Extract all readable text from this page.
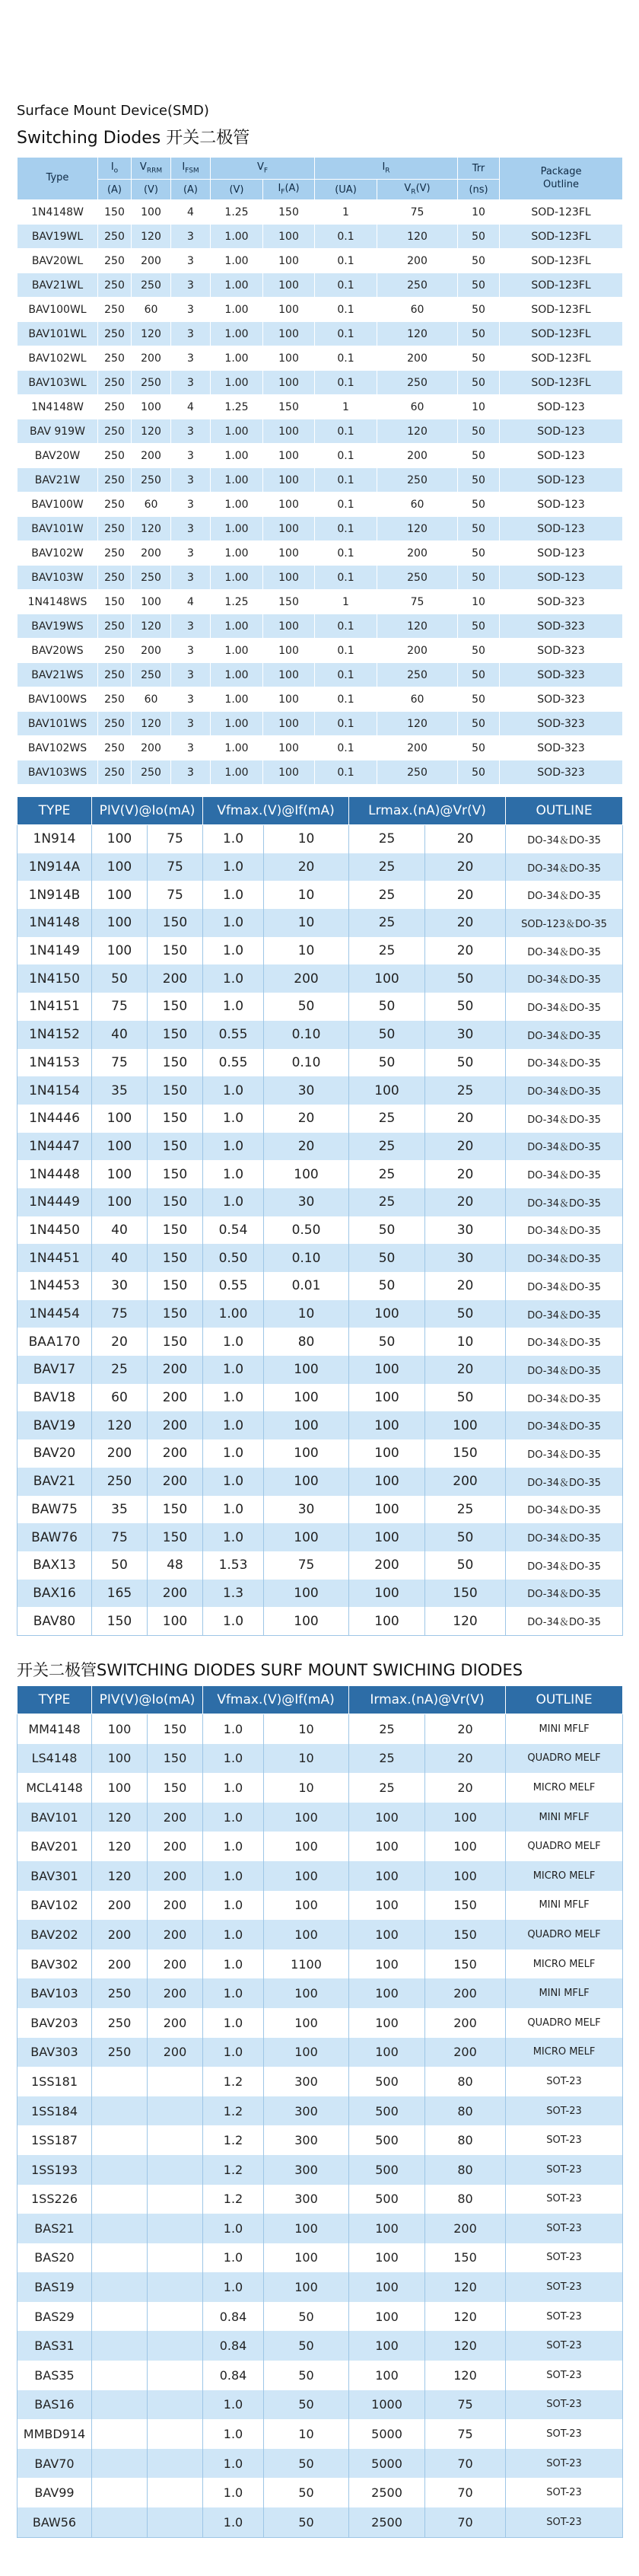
Surface Mount Device(SMD)
Switching Diodes 开关二极管
Type	$I_o$	$V_{RRM}$	$I_{FSM}$	$V_F$		$I_R$		Trr	Package
Outline
	(A)	(V)	(A)	(V)	$I_F(A)$	(UA)	$V_R(V)$	(ns)	
1N4148W	150	100	4	1.25	150	1	75	10	SOD-123FL
BAV19WL	250	120	3	1.00	100	0.1	120	50	SOD-123FL
BAV20WL	250	200	3	1.00	100	0.1	200	50	SOD-123FL
BAV21WL	250	250	3	1.00	100	0.1	250	50	SOD-123FL
BAV100WL	250	60	3	1.00	100	0.1	60	50	SOD-123FL
BAV101WL	250	120	3	1.00	100	0.1	120	50	SOD-123FL
BAV102WL	250	200	3	1.00	100	0.1	200	50	SOD-123FL
BAV103WL	250	250	3	1.00	100	0.1	250	50	SOD-123FL
1N4148W	250	100	4	1.25	150	1	60	10	SOD-123
BAV 919W	250	120	3	1.00	100	0.1	120	50	SOD-123
BAV20W	250	200	3	1.00	100	0.1	200	50	SOD-123
BAV21W	250	250	3	1.00	100	0.1	250	50	SOD-123
BAV100W	250	60	3	1.00	100	0.1	60	50	SOD-123
BAV101W	250	120	3	1.00	100	0.1	120	50	SOD-123
BAV102W	250	200	3	1.00	100	0.1	200	50	SOD-123
BAV103W	250	250	3	1.00	100	0.1	250	50	SOD-123
1N4148WS	150	100	4	1.25	150	1	75	10	SOD-323
BAV19WS	250	120	3	1.00	100	0.1	120	50	SOD-323
BAV20WS	250	200	3	1.00	100	0.1	200	50	SOD-323
BAV21WS	250	250	3	1.00	100	0.1	250	50	SOD-323
BAV100WS	250	60	3	1.00	100	0.1	60	50	SOD-323
BAV101WS	250	120	3	1.00	100	0.1	120	50	SOD-323
BAV102WS	250	200	3	1.00	100	0.1	200	50	SOD-323
BAV103WS	250	250	3	1.00	100	0.1	250	50	SOD-323
TYPE	PIV(V)@Io(mA)		Vfmax.(V)@If(mA)		Lrmax.(nA)@Vr(V)		OUTLINE
1N914	100	75	1.0	10	25	20	DO-34＆DO-35
1N914A	100	75	1.0	20	25	20	DO-34＆DO-35
1N914B	100	75	1.0	10	25	20	DO-34＆DO-35
1N4148	100	150	1.0	10	25	20	SOD-123＆DO-35
1N4149	100	150	1.0	10	25	20	DO-34＆DO-35
1N4150	50	200	1.0	200	100	50	DO-34＆DO-35
1N4151	75	150	1.0	50	50	50	DO-34＆DO-35
1N4152	40	150	0.55	0.10	50	30	DO-34＆DO-35
1N4153	75	150	0.55	0.10	50	50	DO-34＆DO-35
1N4154	35	150	1.0	30	100	25	DO-34＆DO-35
1N4446	100	150	1.0	20	25	20	DO-34＆DO-35
1N4447	100	150	1.0	20	25	20	DO-34＆DO-35
1N4448	100	150	1.0	100	25	20	DO-34＆DO-35
1N4449	100	150	1.0	30	25	20	DO-34＆DO-35
1N4450	40	150	0.54	0.50	50	30	DO-34＆DO-35
1N4451	40	150	0.50	0.10	50	30	DO-34＆DO-35
1N4453	30	150	0.55	0.01	50	20	DO-34＆DO-35
1N4454	75	150	1.00	10	100	50	DO-34＆DO-35
BAA170	20	150	1.0	80	50	10	DO-34＆DO-35
BAV17	25	200	1.0	100	100	20	DO-34＆DO-35
BAV18	60	200	1.0	100	100	50	DO-34＆DO-35
BAV19	120	200	1.0	100	100	100	DO-34＆DO-35
BAV20	200	200	1.0	100	100	150	DO-34＆DO-35
BAV21	250	200	1.0	100	100	200	DO-34＆DO-35
BAW75	35	150	1.0	30	100	25	DO-34＆DO-35
BAW76	75	150	1.0	100	100	50	DO-34＆DO-35
BAX13	50	48	1.53	75	200	50	DO-34＆DO-35
BAX16	165	200	1.3	100	100	150	DO-34＆DO-35
BAV80	150	100	1.0	100	100	120	DO-34＆DO-35
开关二极管SWITCHING DIODES SURF MOUNT SWICHING DIODES
TYPE	PIV(V)@Io(mA)		Vfmax.(V)@If(mA)		Irmax.(nA)@Vr(V)		OUTLINE
MM4148	100	150	1.0	10	25	20	MINI MFLF
LS4148	100	150	1.0	10	25	20	QUADRO MELF
MCL4148	100	150	1.0	10	25	20	MICRO MELF
BAV101	120	200	1.0	100	100	100	MINI MFLF
BAV201	120	200	1.0	100	100	100	QUADRO MELF
BAV301	120	200	1.0	100	100	100	MICRO MELF
BAV102	200	200	1.0	100	100	150	MINI MFLF
BAV202	200	200	1.0	100	100	150	QUADRO MELF
BAV302	200	200	1.0	1100	100	150	MICRO MELF
BAV103	250	200	1.0	100	100	200	MINI MFLF
BAV203	250	200	1.0	100	100	200	QUADRO MELF
BAV303	250	200	1.0	100	100	200	MICRO MELF
1SS181			1.2	300	500	80	SOT-23
1SS184			1.2	300	500	80	SOT-23
1SS187			1.2	300	500	80	SOT-23
1SS193			1.2	300	500	80	SOT-23
1SS226			1.2	300	500	80	SOT-23
BAS21			1.0	100	100	200	SOT-23
BAS20			1.0	100	100	150	SOT-23
BAS19			1.0	100	100	120	SOT-23
BAS29			0.84	50	100	120	SOT-23
BAS31			0.84	50	100	120	SOT-23
BAS35			0.84	50	100	120	SOT-23
BAS16			1.0	50	1000	75	SOT-23
MMBD914			1.0	10	5000	75	SOT-23
BAV70			1.0	50	5000	70	SOT-23
BAV99			1.0	50	2500	70	SOT-23
BAW56			1.0	50	2500	70	SOT-23
